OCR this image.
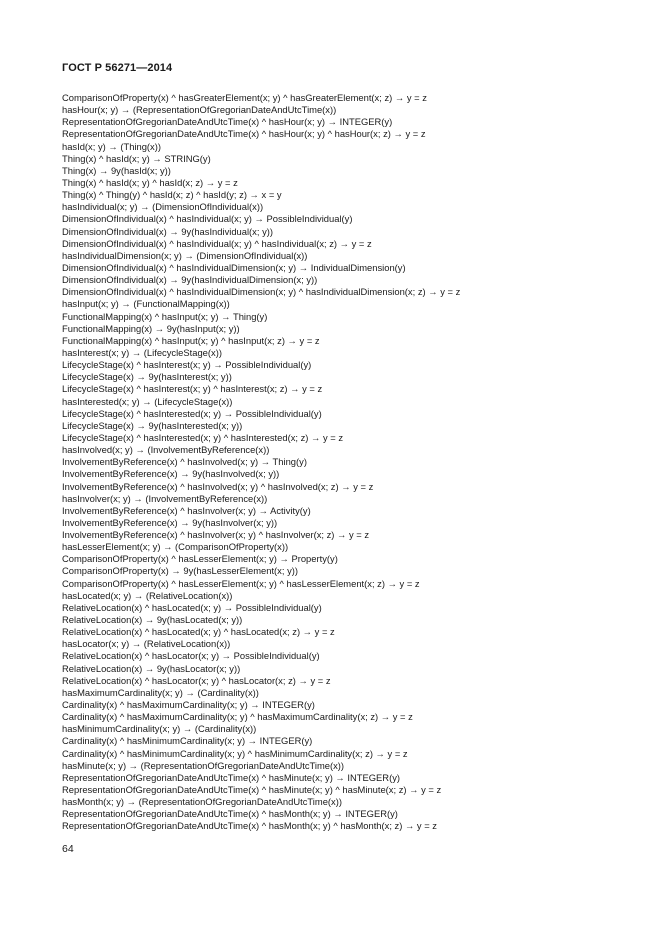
ГОСТ Р 56271—2014
ComparisonOfProperty(x) ^ hasGreaterElement(x; y) ^ hasGreaterElement(x; z) → y = z
hasHour(x; y) → (RepresentationOfGregorianDateAndUtcTime(x))
RepresentationOfGregorianDateAndUtcTime(x) ^ hasHour(x; y) → INTEGER(y)
RepresentationOfGregorianDateAndUtcTime(x) ^ hasHour(x; y) ^ hasHour(x; z) → y = z
hasId(x; y) → (Thing(x))
Thing(x) ^ hasId(x; y) → STRING(y)
Thing(x) → 9y(hasId(x; y))
Thing(x) ^ hasId(x; y) ^ hasId(x; z) → y = z
Thing(x) ^ Thing(y) ^ hasId(x; z) ^ hasId(y; z) → x = y
hasIndividual(x; y) → (DimensionOfIndividual(x))
DimensionOfIndividual(x) ^ hasIndividual(x; y) → PossibleIndividual(y)
DimensionOfIndividual(x) → 9y(hasIndividual(x; y))
DimensionOfIndividual(x) ^ hasIndividual(x; y) ^ hasIndividual(x; z) → y = z
hasIndividualDimension(x; y) → (DimensionOfIndividual(x))
DimensionOfIndividual(x) ^ hasIndividualDimension(x; y) → IndividualDimension(y)
DimensionOfIndividual(x) → 9y(hasIndividualDimension(x; y))
DimensionOfIndividual(x) ^ hasIndividualDimension(x; y) ^ hasIndividualDimension(x; z) → y = z
hasInput(x; y) → (FunctionalMapping(x))
FunctionalMapping(x) ^ hasInput(x; y) → Thing(y)
FunctionalMapping(x) → 9y(hasInput(x; y))
FunctionalMapping(x) ^ hasInput(x; y) ^ hasInput(x; z) → y = z
hasInterest(x; y) → (LifecycleStage(x))
LifecycleStage(x) ^ hasInterest(x; y) → PossibleIndividual(y)
LifecycleStage(x) → 9y(hasInterest(x; y))
LifecycleStage(x) ^ hasInterest(x; y) ^ hasInterest(x; z) → y = z
hasInterested(x; y) → (LifecycleStage(x))
LifecycleStage(x) ^ hasInterested(x; y) → PossibleIndividual(y)
LifecycleStage(x) → 9y(hasInterested(x; y))
LifecycleStage(x) ^ hasInterested(x; y) ^ hasInterested(x; z) → y = z
hasInvolved(x; y) → (InvolvementByReference(x))
InvolvementByReference(x) ^ hasInvolved(x; y) → Thing(y)
InvolvementByReference(x) → 9y(hasInvolved(x; y))
InvolvementByReference(x) ^ hasInvolved(x; y) ^ hasInvolved(x; z) → y = z
hasInvolver(x; y) → (InvolvementByReference(x))
InvolvementByReference(x) ^ hasInvolver(x; y) → Activity(y)
InvolvementByReference(x) → 9y(hasInvolver(x; y))
InvolvementByReference(x) ^ hasInvolver(x; y) ^ hasInvolver(x; z) → y = z
hasLesserElement(x; y) → (ComparisonOfProperty(x))
ComparisonOfProperty(x) ^ hasLesserElement(x; y) → Property(y)
ComparisonOfProperty(x) → 9y(hasLesserElement(x; y))
ComparisonOfProperty(x) ^ hasLesserElement(x; y) ^ hasLesserElement(x; z) → y = z
hasLocated(x; y) → (RelativeLocation(x))
RelativeLocation(x) ^ hasLocated(x; y) → PossibleIndividual(y)
RelativeLocation(x) → 9y(hasLocated(x; y))
RelativeLocation(x) ^ hasLocated(x; y) ^ hasLocated(x; z) → y = z
hasLocator(x; y) → (RelativeLocation(x))
RelativeLocation(x) ^ hasLocator(x; y) → PossibleIndividual(y)
RelativeLocation(x) → 9y(hasLocator(x; y))
RelativeLocation(x) ^ hasLocator(x; y) ^ hasLocator(x; z) → y = z
hasMaximumCardinality(x; y) → (Cardinality(x))
Cardinality(x) ^ hasMaximumCardinality(x; y) → INTEGER(y)
Cardinality(x) ^ hasMaximumCardinality(x; y) ^ hasMaximumCardinality(x; z) → y = z
hasMinimumCardinality(x; y) → (Cardinality(x))
Cardinality(x) ^ hasMinimumCardinality(x; y) → INTEGER(y)
Cardinality(x) ^ hasMinimumCardinality(x; y) ^ hasMinimumCardinality(x; z) → y = z
hasMinute(x; y) → (RepresentationOfGregorianDateAndUtcTime(x))
RepresentationOfGregorianDateAndUtcTime(x) ^ hasMinute(x; y) → INTEGER(y)
RepresentationOfGregorianDateAndUtcTime(x) ^ hasMinute(x; y) ^ hasMinute(x; z) → y = z
hasMonth(x; y) → (RepresentationOfGregorianDateAndUtcTime(x))
RepresentationOfGregorianDateAndUtcTime(x) ^ hasMonth(x; y) → INTEGER(y)
RepresentationOfGregorianDateAndUtcTime(x) ^ hasMonth(x; y) ^ hasMonth(x; z) → y = z
64
